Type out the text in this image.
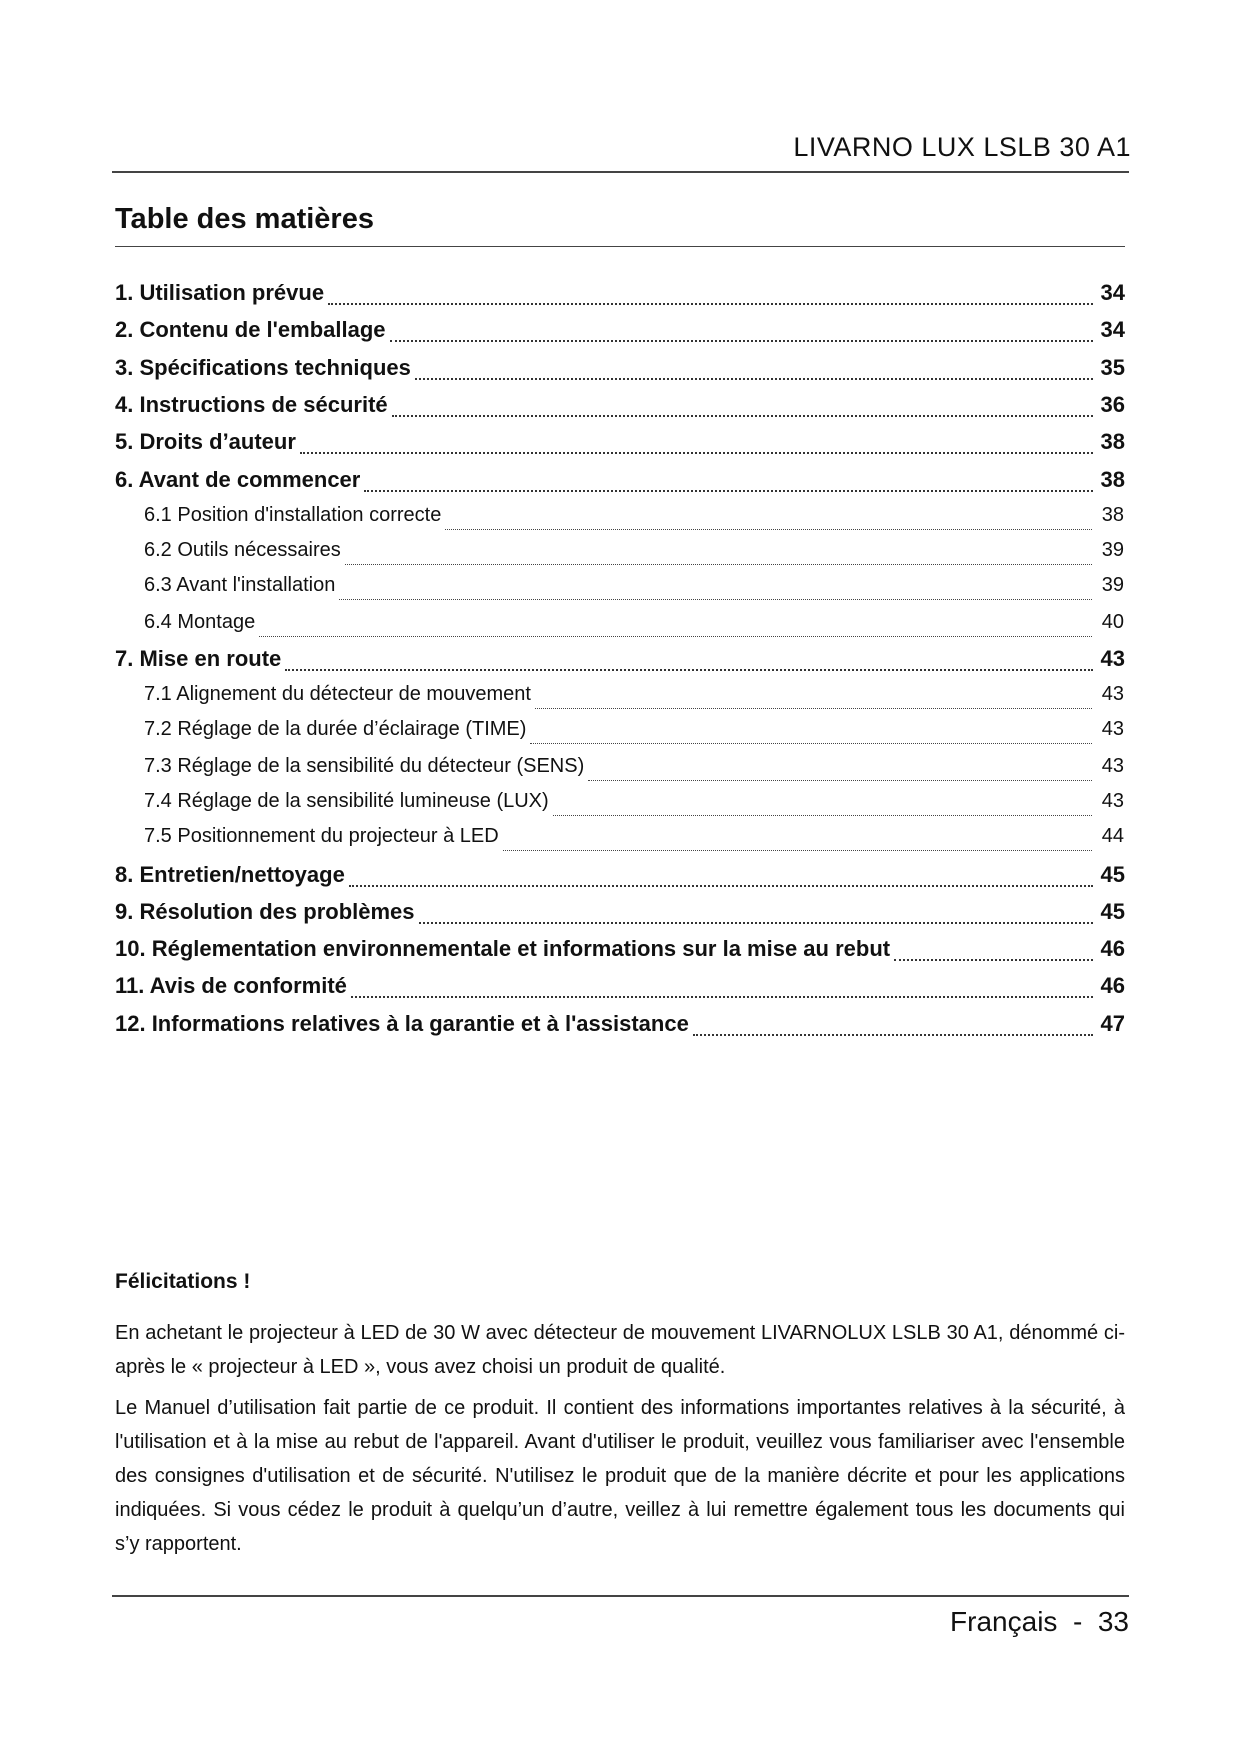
LIVARNO LUX LSLB 30 A1
Table des matières
1. Utilisation prévue	34
2. Contenu de l'emballage	34
3. Spécifications techniques	35
4. Instructions de sécurité	36
5. Droits d’auteur	38
6. Avant de commencer	38
6.1 Position d'installation correcte	38
6.2 Outils nécessaires	39
6.3 Avant l'installation	39
6.4 Montage	40
7. Mise en route	43
7.1 Alignement du détecteur de mouvement	43
7.2 Réglage de la durée d’éclairage (TIME)	43
7.3 Réglage de la sensibilité du détecteur (SENS)	43
7.4 Réglage de la sensibilité lumineuse (LUX)	43
7.5 Positionnement du projecteur à LED	44
8. Entretien/nettoyage	45
9. Résolution des problèmes	45
10. Réglementation environnementale et informations sur la mise au rebut	46
11. Avis de conformité	46
12. Informations relatives à la garantie et à l'assistance	47
Félicitations !

En achetant le projecteur à LED de 30 W avec détecteur de mouvement LIVARNOLUX LSLB 30 A1, dénommé ci-après le « projecteur à LED », vous avez choisi un produit de qualité.

Le Manuel d’utilisation fait partie de ce produit. Il contient des informations importantes relatives à la sécurité, à l'utilisation et à la mise au rebut de l'appareil. Avant d'utiliser le produit, veuillez vous familiariser avec l'ensemble des consignes d'utilisation et de sécurité. N'utilisez le produit que de la manière décrite et pour les applications indiquées. Si vous cédez le produit à quelqu’un d’autre, veillez à lui remettre également tous les documents qui s’y rapportent.

Français  -  33
